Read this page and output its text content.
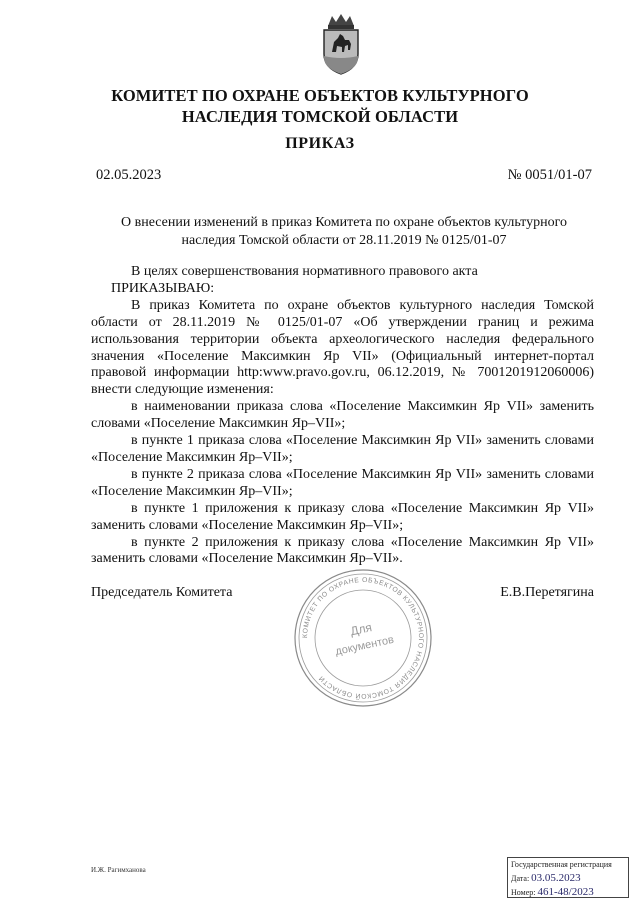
КОМИТЕТ ПО ОХРАНЕ ОБЪЕКТОВ КУЛЬТУРНОГО
НАСЛЕДИЯ ТОМСКОЙ ОБЛАСТИ
ПРИКАЗ
02.05.2023	№ 0051/01-07
О внесении изменений в приказ Комитета по охране объектов культурного
наследия Томской области от 28.11.2019 № 0125/01-07

В целях совершенствования нормативного правового акта

ПРИКАЗЫВАЮ:

В приказ Комитета по охране объектов культурного наследия Томской области от 28.11.2019 № 0125/01-07 «Об утверждении границ и режима использования территории объекта археологического наследия федерального значения «Поселение Максимкин Яр VII» (Официальный интернет-портал правовой информации http:www.pravo.gov.ru, 06.12.2019, № 7001201912060006) внести следующие изменения:

в наименовании приказа слова «Поселение Максимкин Яр VII» заменить словами «Поселение Максимкин Яр–VII»;

в пункте 1 приказа слова «Поселение Максимкин Яр VII» заменить словами «Поселение Максимкин Яр–VII»;

в пункте 2 приказа слова «Поселение Максимкин Яр VII» заменить словами «Поселение Максимкин Яр–VII»;

в пункте 1 приложения к приказу слова «Поселение Максимкин Яр VII» заменить словами «Поселение Максимкин Яр–VII»;

в пункте 2 приложения к приказу слова «Поселение Максимкин Яр VII» заменить словами «Поселение Максимкин Яр–VII».

Председатель Комитета	Е.В.Перетягина
КОМИТЕТ ПО ОХРАНЕ ОБЪЕКТОВ КУЛЬТУРНОГО НАСЛЕДИЯ ТОМСКОЙ ОБЛАСТИ
Для
документов
И.Ж. Рагимханова
Государственная регистрация
Дата: 03.05.2023
Номер: 461-48/2023
